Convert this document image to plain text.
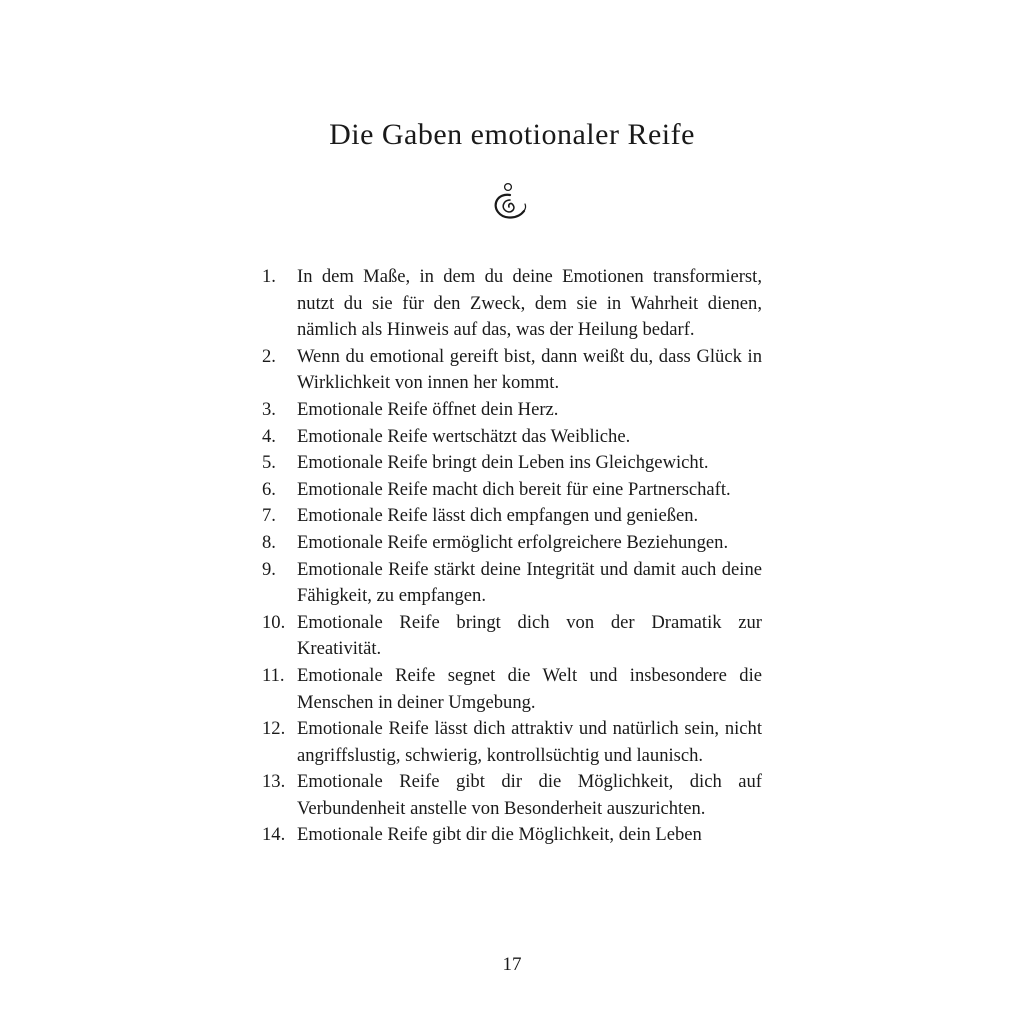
Die Gaben emotionaler Reife
1.	In dem Maße, in dem du deine Emotionen transformierst, nutzt du sie für den Zweck, dem sie in Wahrheit dienen, nämlich als Hinweis auf das, was der Heilung bedarf.
2.	Wenn du emotional gereift bist, dann weißt du, dass Glück in Wirklichkeit von innen her kommt.
3.	Emotionale Reife öffnet dein Herz.
4.	Emotionale Reife wertschätzt das Weibliche.
5.	Emotionale Reife bringt dein Leben ins Gleichgewicht.
6.	Emotionale Reife macht dich bereit für eine Partnerschaft.
7.	Emotionale Reife lässt dich empfangen und genießen.
8.	Emotionale Reife ermöglicht erfolgreichere Beziehungen.
9.	Emotionale Reife stärkt deine Integrität und damit auch deine Fähigkeit, zu empfangen.
10. Emotionale Reife bringt dich von der Dramatik zur Kreativität.
11. Emotionale Reife segnet die Welt und insbesondere die Menschen in deiner Umgebung.
12. Emotionale Reife lässt dich attraktiv und natürlich sein, nicht angriffslustig, schwierig, kontrollsüchtig und launisch.
13. Emotionale Reife gibt dir die Möglichkeit, dich auf Verbundenheit anstelle von Besonderheit auszurichten.
14. Emotionale Reife gibt dir die Möglichkeit, dein Leben
17
